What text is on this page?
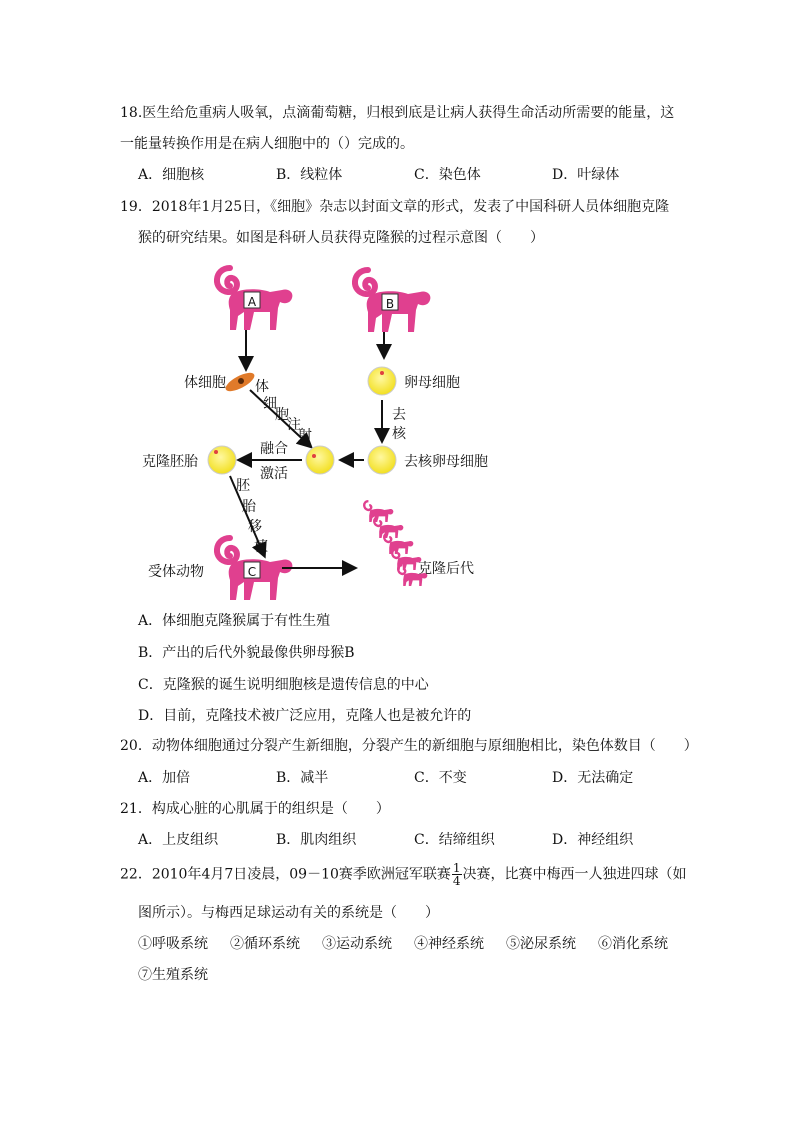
18.医生给危重病人吸氧，点滴葡萄糖，归根到底是让病人获得生命活动所需要的能量，这
一能量转换作用是在病人细胞中的（）完成的。
A．细胞核	B．线粒体	C．染色体	D．叶绿体
19．2018年1月25日，《细胞》杂志以封面文章的形式，发表了中国科研人员体细胞克隆
猴的研究结果。如图是科研人员获得克隆猴的过程示意图（　　）
A	B
体细胞	卵母细胞
体
细
胞
注
射
去
核
去核卵母细胞
融合
激活
克隆胚胎
胚
胎
移
植
受体动物	C	克隆后代
A．体细胞克隆猴属于有性生殖
B．产出的后代外貌最像供卵母猴B
C．克隆猴的诞生说明细胞核是遗传信息的中心
D．目前，克隆技术被广泛应用，克隆人也是被允许的
20．动物体细胞通过分裂产生新细胞，分裂产生的新细胞与原细胞相比，染色体数目（　　）
A．加倍	B．减半	C．不变	D．无法确定
21．构成心脏的心肌属于的组织是（　　）
A．上皮组织	B．肌肉组织	C．结缔组织	D．神经组织
22．2010年4月7日凌晨，09－10赛季欧洲冠军联赛 $\frac{1}{4}$ 决赛，比赛中梅西一人独进四球（如
图所示）。与梅西足球运动有关的系统是（　　）
①呼吸系统 ②循环系统 ③运动系统 ④神经系统 ⑤泌尿系统 ⑥消化系统
⑦生殖系统
